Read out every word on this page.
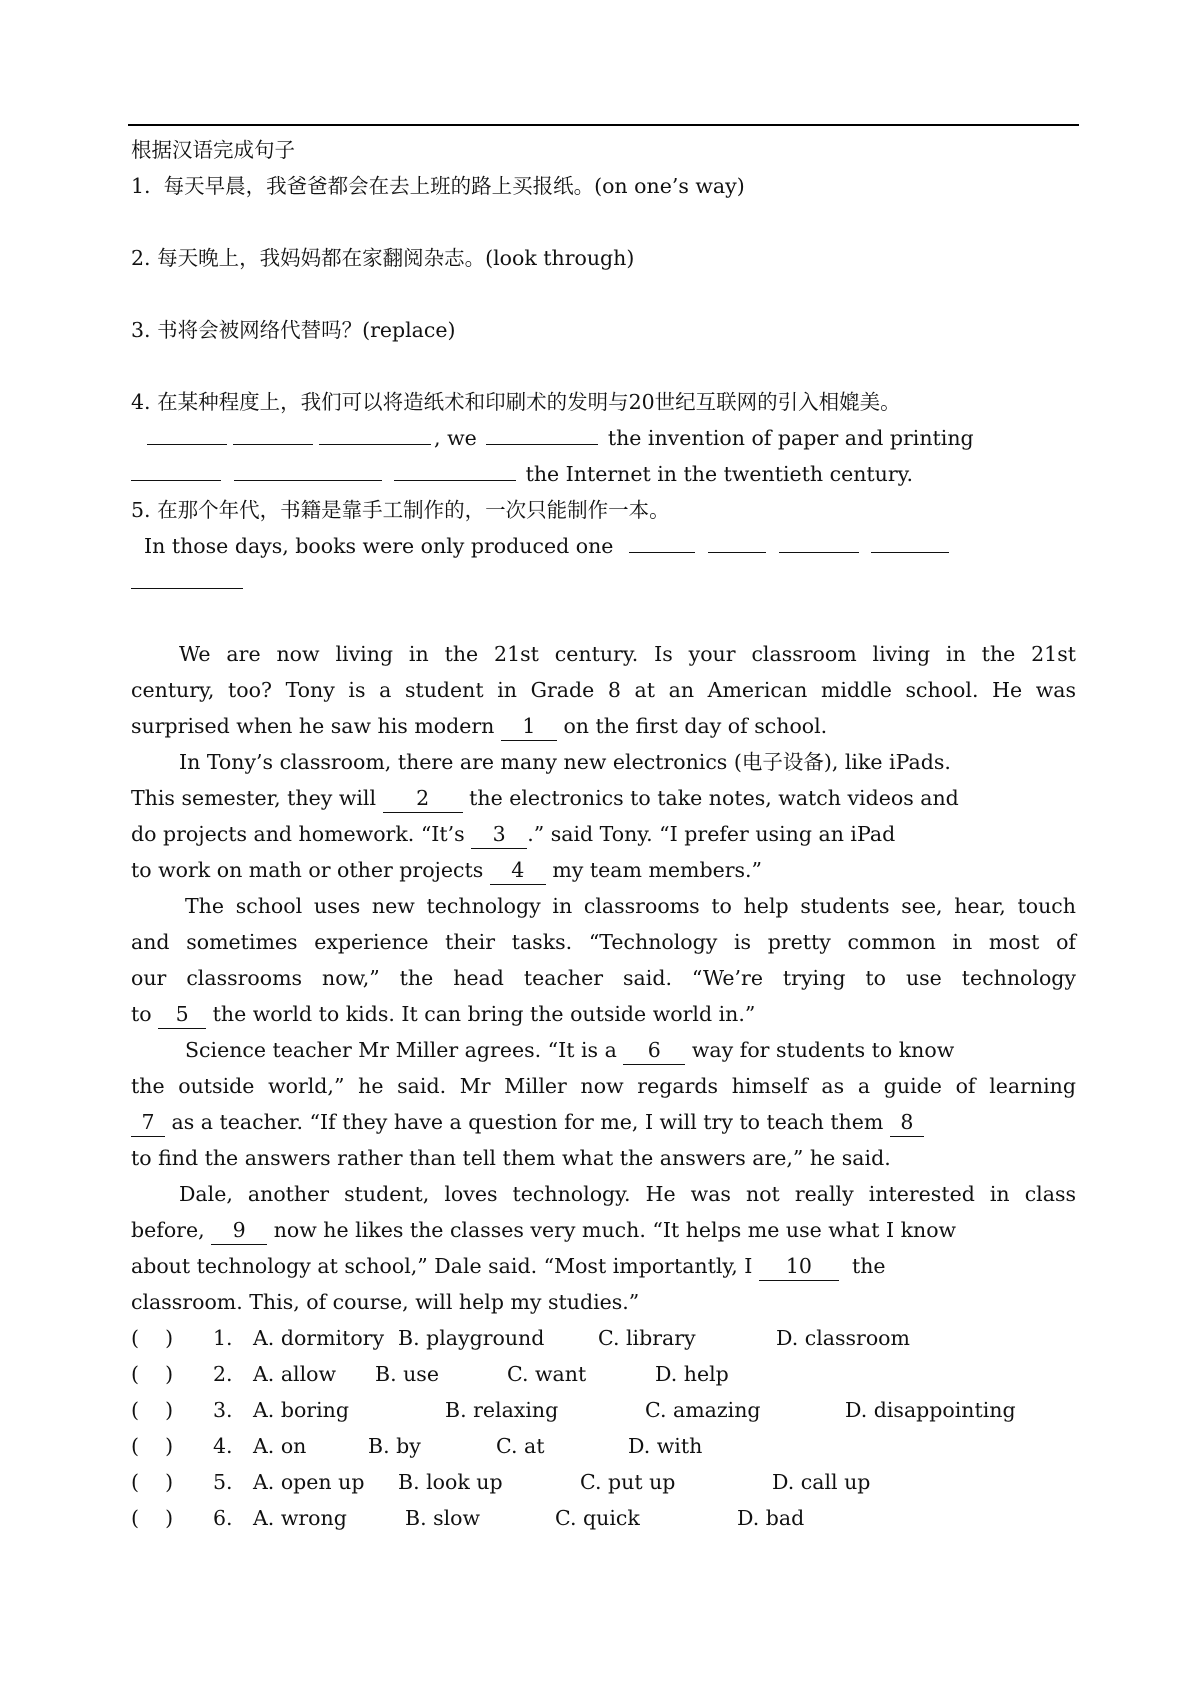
根据汉语完成句子
1.  每天早晨，我爸爸都会在去上班的路上买报纸。(on one’s way)
2. 每天晚上，我妈妈都在家翻阅杂志。(look through)
3. 书将会被网络代替吗？(replace)
4. 在某种程度上，我们可以将造纸术和印刷术的发明与20世纪互联网的引入相媲美。
, we	the invention of paper and printing
the Internet in the twentieth century.
5. 在那个年代，书籍是靠手工制作的，一次只能制作一本。
In those days, books were only produced one
We are now living in the 21st century. Is your classroom living in the 21st
century, too? Tony is a student in Grade 8 at an American middle school. He was
surprised when he saw his modern 1 on the first day of school.
In Tony’s classroom, there are many new electronics (电子设备), like iPads.
This semester, they will 2 the electronics to take notes, watch videos and
do projects and homework. “It’s 3 .” said Tony. “I prefer using an iPad
to work on math or other projects 4 my team members.”
The school uses new technology in classrooms to help students see, hear, touch
and sometimes experience their tasks. “Technology is pretty common in most of
our classrooms now,” the head teacher said. “We’re trying to use technology
to 5 the world to kids. It can bring the outside world in.”
Science teacher Mr Miller agrees. “It is a 6 way for students to know
the outside world,” he said. Mr Miller now regards himself as a guide of learning
7 as a teacher. “If they have a question for me, I will try to teach them 8
to find the answers rather than tell them what the answers are,” he said.
Dale, another student, loves technology. He was not really interested in class
before, 9 now he likes the classes very much. “It helps me use what I know
about technology at school,” Dale said. “Most importantly, I 10 the
classroom. This, of course, will help my studies.”
(    )	1. A. dormitory B. playground	C. library	D. classroom
(    )	2. A. allow	B. use	C. want	D. help
(    )	3. A. boring	B. relaxing	C. amazing	D. disappointing
(    )	4. A. on	B. by	C. at	D. with
(    )	5. A. open up	B. look up	C. put up	D. call up
(    )	6. A. wrong	B. slow	C. quick	D. bad
